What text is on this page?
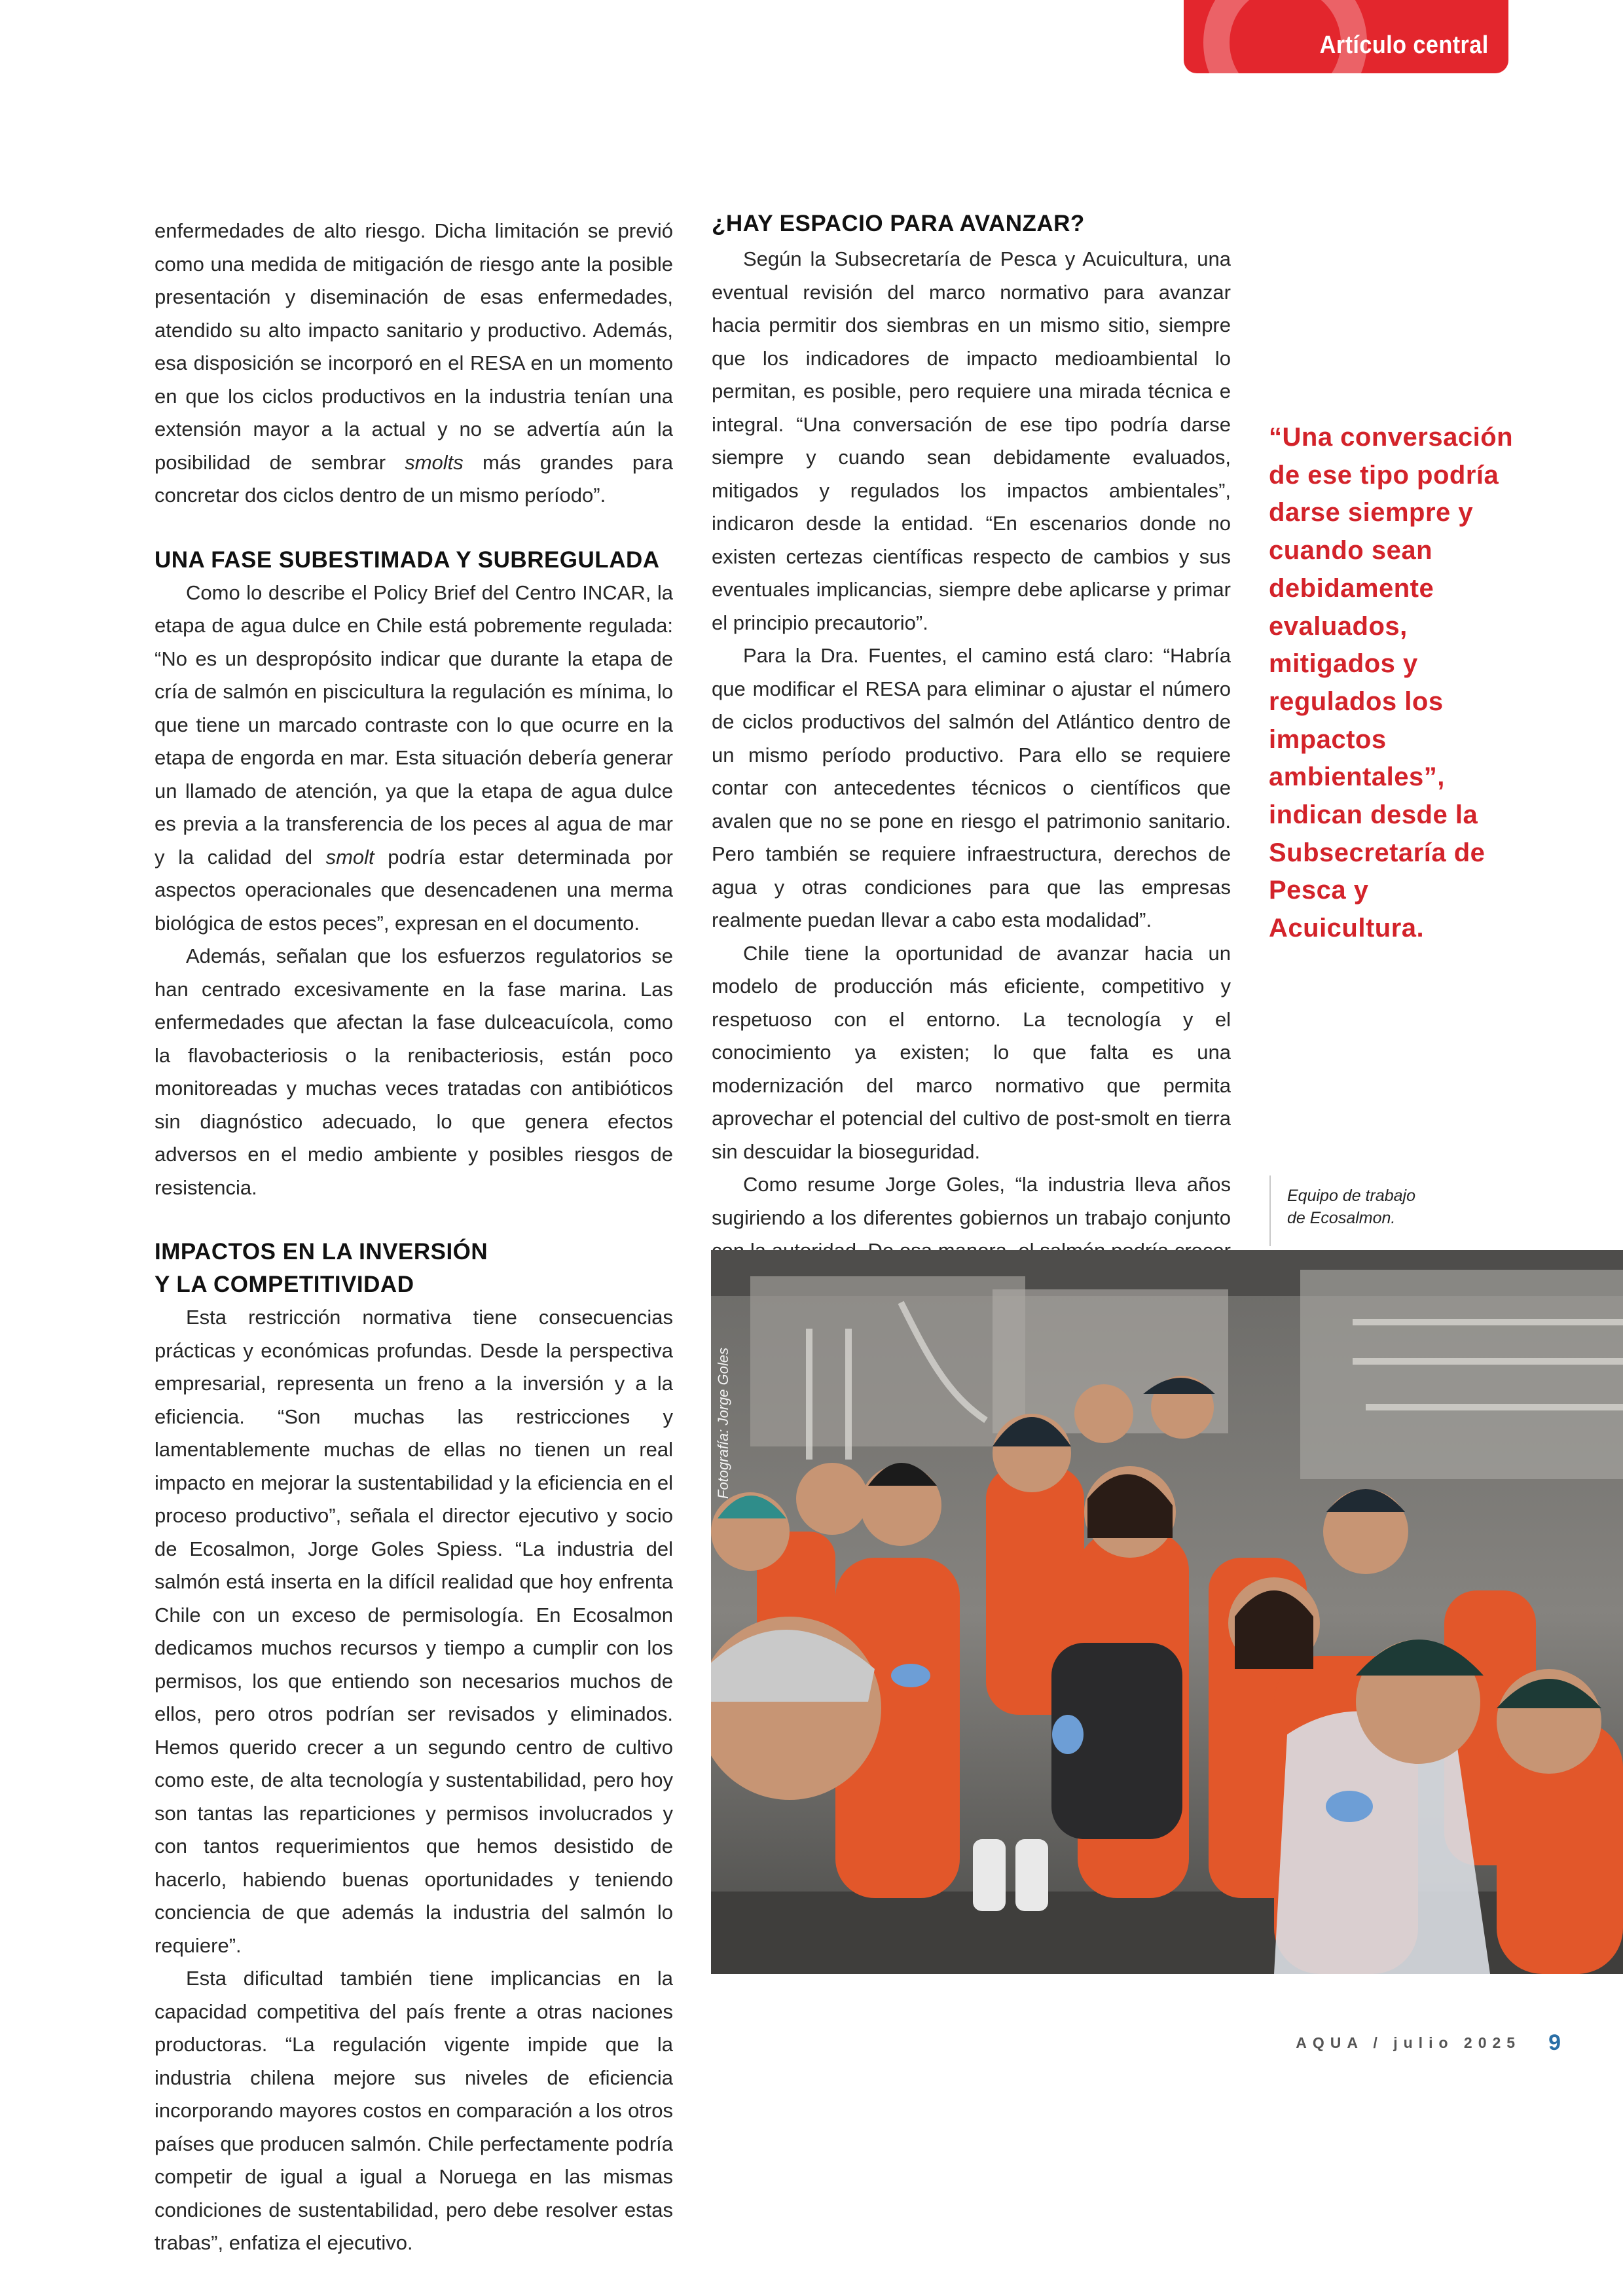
Artículo central

enfermedades de alto riesgo. Dicha limitación se previó como una medida de mitigación de riesgo ante la posible presentación y diseminación de esas enfermedades, atendido su alto impacto sanitario y productivo. Además, esa disposición se incorporó en el RESA en un momento en que los ciclos productivos en la industria tenían una extensión mayor a la actual y no se advertía aún la posibilidad de sembrar smolts más grandes para concretar dos ciclos dentro de un mismo período”.

UNA FASE SUBESTIMADA Y SUBREGULADA

Como lo describe el Policy Brief del Centro INCAR, la etapa de agua dulce en Chile está pobremente regulada: “No es un despropósito indicar que durante la etapa de cría de salmón en piscicultura la regulación es mínima, lo que tiene un marcado contraste con lo que ocurre en la etapa de engorda en mar. Esta situación debería generar un llamado de atención, ya que la etapa de agua dulce es previa a la transferencia de los peces al agua de mar y la calidad del smolt podría estar determinada por aspectos operacionales que desencadenen una merma biológica de estos peces”, expresan en el documento.

Además, señalan que los esfuerzos regulatorios se han centrado excesivamente en la fase marina. Las enfermedades que afectan la fase dulceacuícola, como la flavobacteriosis o la renibacteriosis, están poco monitoreadas y muchas veces tratadas con antibióticos sin diagnóstico adecuado, lo que genera efectos adversos en el medio ambiente y posibles riesgos de resistencia.

IMPACTOS EN LA INVERSIÓN
Y LA COMPETITIVIDAD

Esta restricción normativa tiene consecuencias prácticas y económicas profundas. Desde la perspectiva empresarial, representa un freno a la inversión y a la eficiencia. “Son muchas las restricciones y lamentablemente muchas de ellas no tienen un real impacto en mejorar la sustentabilidad y la eficiencia en el proceso productivo”, señala el director ejecutivo y socio de Ecosalmon, Jorge Goles Spiess. “La industria del salmón está inserta en la difícil realidad que hoy enfrenta Chile con un exceso de permisología. En Ecosalmon dedicamos muchos recursos y tiempo a cumplir con los permisos, los que entiendo son necesarios muchos de ellos, pero otros podrían ser revisados y eliminados. Hemos querido crecer a un segundo centro de cultivo como este, de alta tecnología y sustentabilidad, pero hoy son tantas las reparticiones y permisos involucrados y con tantos requerimientos que hemos desistido de hacerlo, habiendo buenas oportunidades y teniendo conciencia de que además la industria del salmón lo requiere”.

Esta dificultad también tiene implicancias en la capacidad competitiva del país frente a otras naciones productoras. “La regulación vigente impide que la industria chilena mejore sus niveles de eficiencia incorporando mayores costos en comparación a los otros países que producen salmón. Chile perfectamente podría competir de igual a igual a Noruega en las mismas condiciones de sustentabilidad, pero debe resolver estas trabas”, enfatiza el ejecutivo.

¿HAY ESPACIO PARA AVANZAR?

Según la Subsecretaría de Pesca y Acuicultura, una eventual revisión del marco normativo para avanzar hacia permitir dos siembras en un mismo sitio, siempre que los indicadores de impacto medioambiental lo permitan, es posible, pero requiere una mirada técnica e integral. “Una conversación de ese tipo podría darse siempre y cuando sean debidamente evaluados, mitigados y regulados los impactos ambientales”, indicaron desde la entidad. “En escenarios donde no existen certezas científicas respecto de cambios y sus eventuales implicancias, siempre debe aplicarse y primar el principio precautorio”.

Para la Dra. Fuentes, el camino está claro: “Habría que modificar el RESA para eliminar o ajustar el número de ciclos productivos del salmón del Atlántico dentro de un mismo período productivo. Para ello se requiere contar con antecedentes técnicos o científicos que avalen que no se pone en riesgo el patrimonio sanitario. Pero también se requiere infraestructura, derechos de agua y otras condiciones para que las empresas realmente puedan llevar a cabo esta modalidad”.

Chile tiene la oportunidad de avanzar hacia un modelo de producción más eficiente, competitivo y respetuoso con el entorno. La tecnología y el conocimiento ya existen; lo que falta es una modernización del marco normativo que permita aprovechar el potencial del cultivo de post-smolt en tierra sin descuidar la bioseguridad.

Como resume Jorge Goles, “la industria lleva años sugiriendo a los diferentes gobiernos un trabajo conjunto

“Una conversación de ese tipo podría darse siempre y cuando sean debidamente evaluados, mitigados y regulados los impactos ambientales”, indican desde la Subsecretaría de Pesca y Acuicultura.

Equipo de trabajo
de Ecosalmon.
Fotografía: Jorge Goles
AQUA / julio 2025 9
